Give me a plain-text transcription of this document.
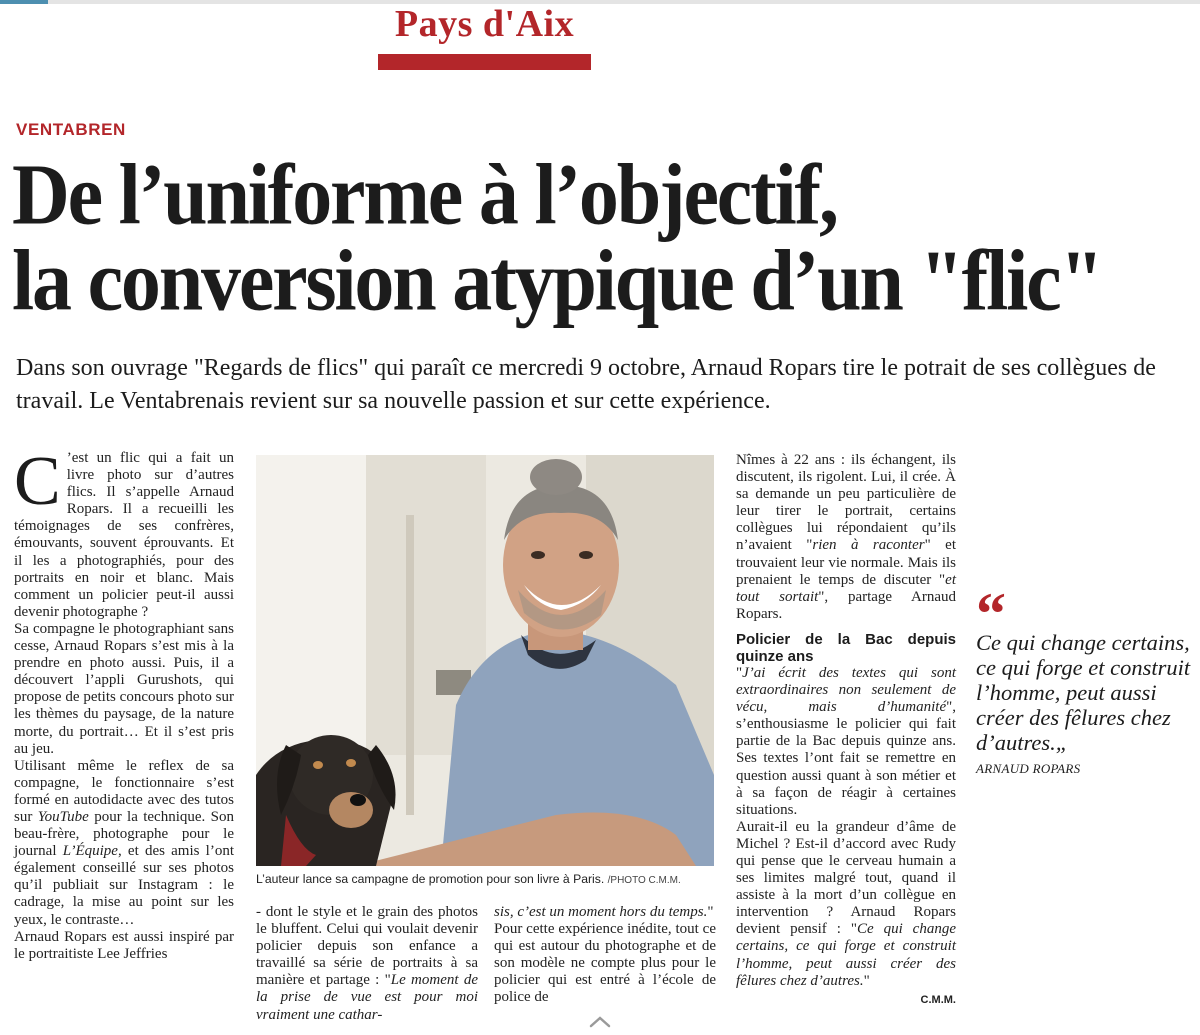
Pays d'Aix
VENTABREN
De l’uniforme à l’objectif,
la conversion atypique d’un "flic"

Dans son ouvrage "Regards de flics" qui paraît ce mercredi 9 octobre, Arnaud Ropars tire le potrait de ses collègues de travail. Le Ventabrenais revient sur sa nouvelle passion et sur cette expérience.

C ’est un flic qui a fait un livre photo sur d’autres flics. Il s’appelle Arnaud Ropars. Il a recueilli les témoignages de ses confrères, émouvants, souvent éprouvants. Et il les a photographiés, pour des portraits en noir et blanc. Mais comment un policier peut-il aussi devenir photographe ?

Sa compagne le photographiant sans cesse, Arnaud Ropars s’est mis à la prendre en photo aussi. Puis, il a découvert l’appli Gurushots, qui propose de petits concours photo sur les thèmes du paysage, de la nature morte, du portrait… Et il s’est pris au jeu.

Utilisant même le reflex de sa compagne, le fonctionnaire s’est formé en autodidacte avec des tutos sur YouTube pour la technique. Son beau-frère, photographe pour le journal L’Équipe, et des amis l’ont également conseillé sur ses photos qu’il publiait sur Instagram : le cadrage, la mise au point sur les yeux, le contraste…

Arnaud Ropars est aussi inspiré par le portraitiste Lee Jeffries

L’auteur lance sa campagne de promotion pour son livre à Paris. /PHOTO C.M.M.

- dont le style et le grain des photos le bluffent. Celui qui voulait devenir policier depuis son enfance a travaillé sa série de portraits à sa manière et partage : "Le moment de la prise de vue est pour moi vraiment une cathar-

sis, c’est un moment hors du temps."

Pour cette expérience inédite, tout ce qui est autour du photographe et de son modèle ne compte plus pour le policier qui est entré à l’école de police de

Nîmes à 22 ans : ils échangent, ils discutent, ils rigolent. Lui, il crée. À sa demande un peu particulière de leur tirer le portrait, certains collègues lui répondaient qu’ils n’avaient "rien à raconter" et trouvaient leur vie normale. Mais ils prenaient le temps de discuter "et tout sortait", partage Arnaud Ropars.

Policier de la Bac depuis quinze ans

"J’ai écrit des textes qui sont extraordinaires non seulement de vécu, mais d’humanité", s’enthousiasme le policier qui fait partie de la Bac depuis quinze ans. Ses textes l’ont fait se remettre en question aussi quant à son métier et à sa façon de réagir à certaines situations.

Aurait-il eu la grandeur d’âme de Michel ? Est-il d’accord avec Rudy qui pense que le cerveau humain a ses limites malgré tout, quand il assiste à la mort d’un collègue en intervention ? Arnaud Ropars devient pensif : "Ce qui change certains, ce qui forge et construit l’homme, peut aussi créer des fêlures chez d’autres."

C.M.M.
“
Ce qui change certains, ce qui forge et construit l’homme, peut aussi créer des fêlures chez d’autres.„
ARNAUD ROPARS
